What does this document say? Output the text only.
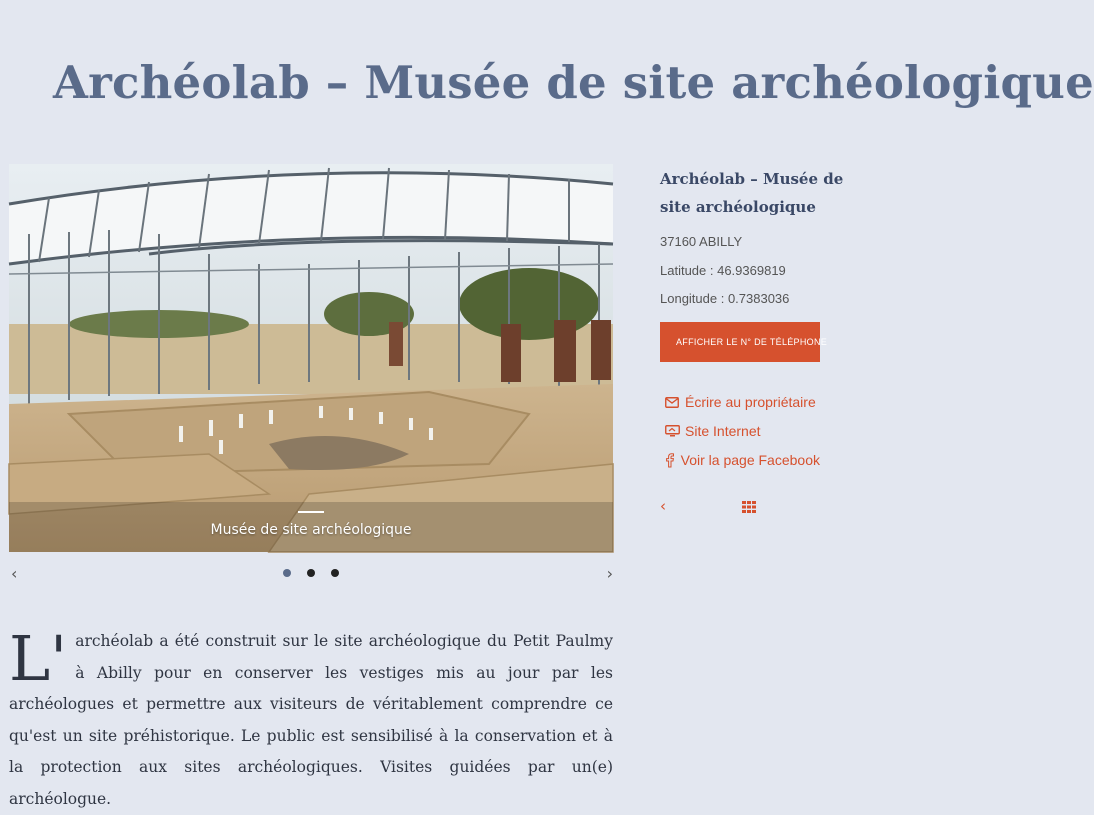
Archéolab – Musée de site archéologique
Musée de site archéologique
‹	›
Archéolab – Musée de
site archéologique
37160 ABILLY
Latitude : 46.9369819
Longitude : 0.7383036
AFFICHER LE N° DE TÉLÉPHONE
Écrire au propriétaire
Site Internet
Voir la page Facebook
‹
L' archéolab a été construit sur le site archéologique du Petit Paulmy à Abilly pour en conserver les vestiges mis au jour par les archéologues et permettre aux visiteurs de véritablement comprendre ce qu'est un site préhistorique. Le public est sensibilisé à la conservation et à la protection aux sites archéologiques. Visites guidées par un(e) archéologue.
